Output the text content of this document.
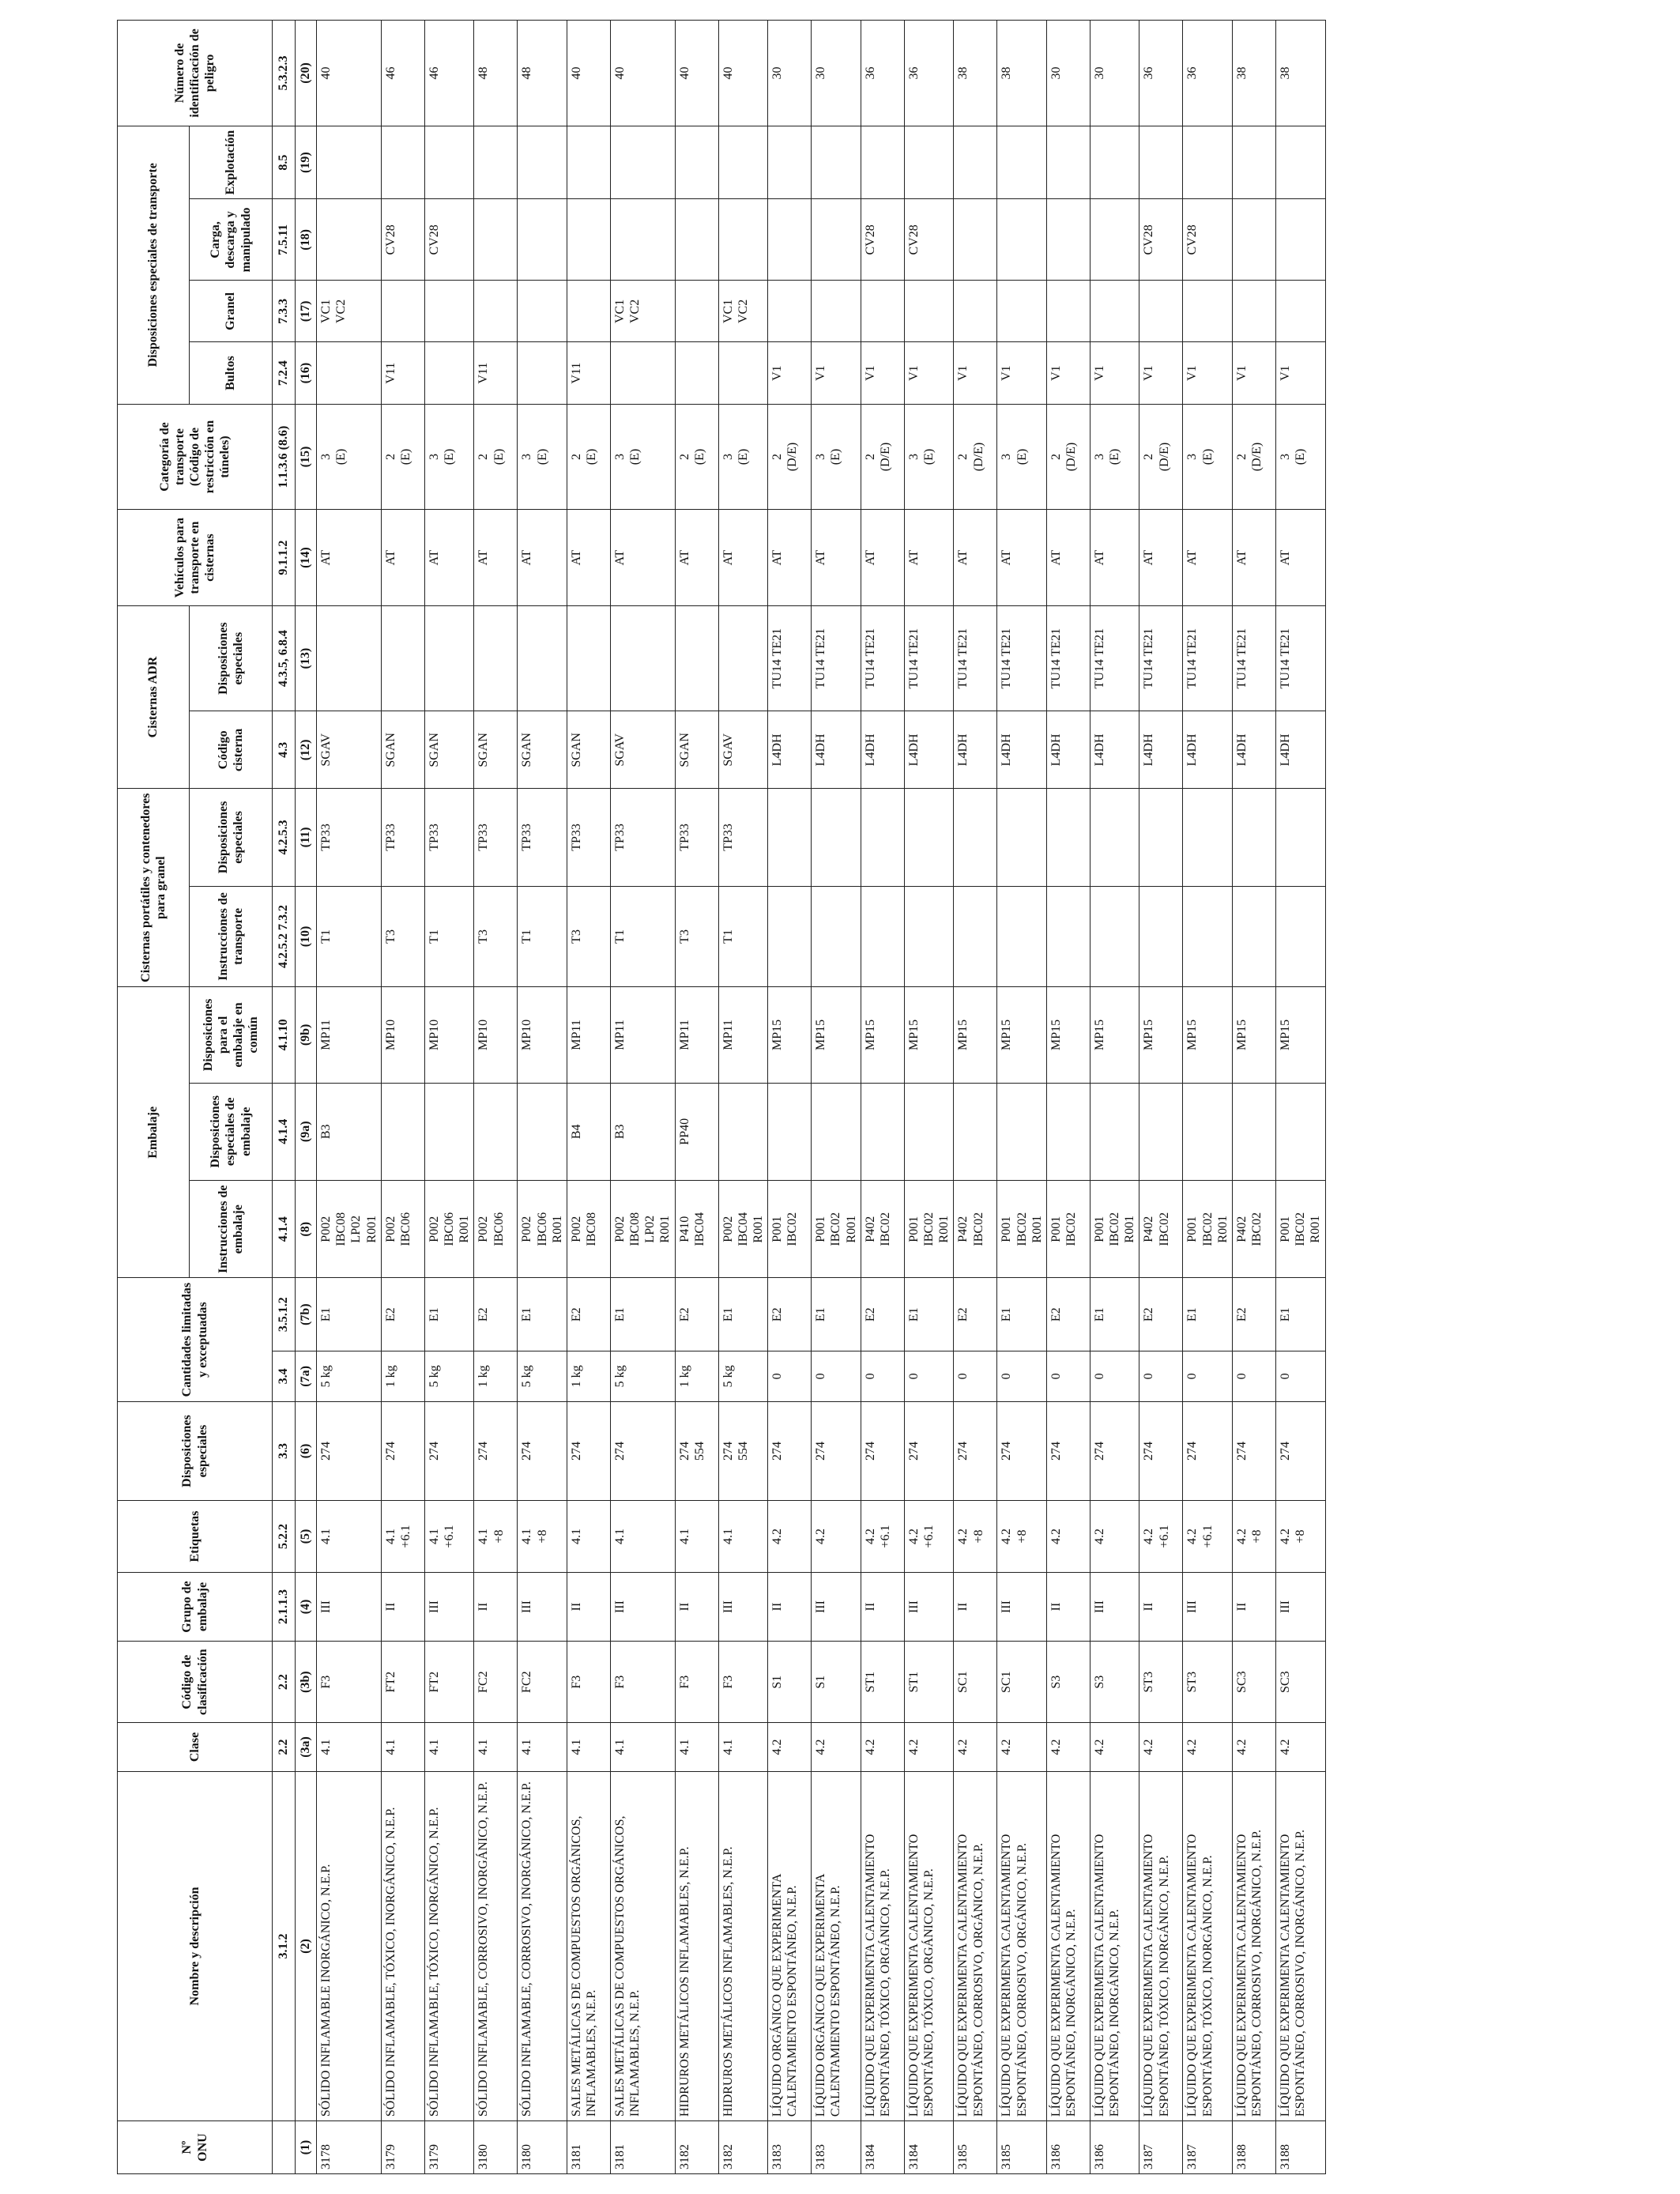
Nº ONU	Nombre y descripción	Clase	Código de clasificación	Grupo de embalaje	Etiquetas	Disposiciones especiales	Cantidades limitadas y exceptuadas		Embalaje			Cisternas portátiles y contenedores para granel		Cisternas ADR		Vehículos para transporte en cisternas	Categoría de transporte (Código de restricción en túneles)	Disposiciones especiales de transporte				Número de identificación de peligro
									Instrucciones de embalaje	Disposiciones especiales de embalaje	Disposiciones para el embalaje en común	Instrucciones de transporte	Disposiciones especiales	Código cisterna	Disposiciones especiales			Bultos	Granel	Carga, descarga y manipulado	Explotación	
	3.1.2	2.2	2.2	2.1.1.3	5.2.2	3.3	3.4	3.5.1.2	4.1.4	4.1.4	4.1.10	4.2.5.2 7.3.2	4.2.5.3	4.3	4.3.5, 6.8.4	9.1.1.2	1.1.3.6 (8.6)	7.2.4	7.3.3	7.5.11	8.5	5.3.2.3
(1)	(2)	(3a)	(3b)	(4)	(5)	(6)	(7a)	(7b)	(8)	(9a)	(9b)	(10)	(11)	(12)	(13)	(14)	(15)	(16)	(17)	(18)	(19)	(20)
3178	SÓLIDO INFLAMABLE INORGÁNICO, N.E.P.	4.1	F3	III	4.1	274	5 kg	E1	P002 IBC08 LP02 R001	B3	MP11	T1	TP33	SGAV		AT	3 (E)		VC1 VC2			40
3179	SÓLIDO INFLAMABLE, TÓXICO, INORGÁNICO, N.E.P.	4.1	FT2	II	4.1 +6.1	274	1 kg	E2	P002 IBC06		MP10	T3	TP33	SGAN		AT	2 (E)	V11		CV28		46
3179	SÓLIDO INFLAMABLE, TÓXICO, INORGÁNICO, N.E.P.	4.1	FT2	III	4.1 +6.1	274	5 kg	E1	P002 IBC06 R001		MP10	T1	TP33	SGAN		AT	3 (E)			CV28		46
3180	SÓLIDO INFLAMABLE, CORROSIVO, INORGÁNICO, N.E.P.	4.1	FC2	II	4.1 +8	274	1 kg	E2	P002 IBC06		MP10	T3	TP33	SGAN		AT	2 (E)	V11				48
3180	SÓLIDO INFLAMABLE, CORROSIVO, INORGÁNICO, N.E.P.	4.1	FC2	III	4.1 +8	274	5 kg	E1	P002 IBC06 R001		MP10	T1	TP33	SGAN		AT	3 (E)					48
3181	SALES METÁLICAS DE COMPUESTOS ORGÁNICOS, INFLAMABLES, N.E.P.	4.1	F3	II	4.1	274	1 kg	E2	P002 IBC08	B4	MP11	T3	TP33	SGAN		AT	2 (E)	V11				40
3181	SALES METÁLICAS DE COMPUESTOS ORGÁNICOS, INFLAMABLES, N.E.P.	4.1	F3	III	4.1	274	5 kg	E1	P002 IBC08 LP02 R001	B3	MP11	T1	TP33	SGAV		AT	3 (E)		VC1 VC2			40
3182	HIDRUROS METÁLICOS INFLAMABLES, N.E.P.	4.1	F3	II	4.1	274 554	1 kg	E2	P410 IBC04	PP40	MP11	T3	TP33	SGAN		AT	2 (E)					40
3182	HIDRUROS METÁLICOS INFLAMABLES, N.E.P.	4.1	F3	III	4.1	274 554	5 kg	E1	P002 IBC04 R001		MP11	T1	TP33	SGAV		AT	3 (E)		VC1 VC2			40
3183	LÍQUIDO ORGÁNICO QUE EXPERIMENTA CALENTAMIENTO ESPONTÁNEO, N.E.P.	4.2	S1	II	4.2	274	0	E2	P001 IBC02		MP15			L4DH	TU14 TE21	AT	2 (D/E)	V1				30
3183	LÍQUIDO ORGÁNICO QUE EXPERIMENTA CALENTAMIENTO ESPONTÁNEO, N.E.P.	4.2	S1	III	4.2	274	0	E1	P001 IBC02 R001		MP15			L4DH	TU14 TE21	AT	3 (E)	V1				30
3184	LÍQUIDO QUE EXPERIMENTA CALENTAMIENTO ESPONTÁNEO, TÓXICO, ORGÁNICO, N.E.P.	4.2	ST1	II	4.2 +6.1	274	0	E2	P402 IBC02		MP15			L4DH	TU14 TE21	AT	2 (D/E)	V1		CV28		36
3184	LÍQUIDO QUE EXPERIMENTA CALENTAMIENTO ESPONTÁNEO, TÓXICO, ORGÁNICO, N.E.P.	4.2	ST1	III	4.2 +6.1	274	0	E1	P001 IBC02 R001		MP15			L4DH	TU14 TE21	AT	3 (E)	V1		CV28		36
3185	LÍQUIDO QUE EXPERIMENTA CALENTAMIENTO ESPONTÁNEO, CORROSIVO, ORGÁNICO, N.E.P.	4.2	SC1	II	4.2 +8	274	0	E2	P402 IBC02		MP15			L4DH	TU14 TE21	AT	2 (D/E)	V1				38
3185	LÍQUIDO QUE EXPERIMENTA CALENTAMIENTO ESPONTÁNEO, CORROSIVO, ORGÁNICO, N.E.P.	4.2	SC1	III	4.2 +8	274	0	E1	P001 IBC02 R001		MP15			L4DH	TU14 TE21	AT	3 (E)	V1				38
3186	LÍQUIDO QUE EXPERIMENTA CALENTAMIENTO ESPONTÁNEO, INORGÁNICO, N.E.P.	4.2	S3	II	4.2	274	0	E2	P001 IBC02		MP15			L4DH	TU14 TE21	AT	2 (D/E)	V1				30
3186	LÍQUIDO QUE EXPERIMENTA CALENTAMIENTO ESPONTÁNEO, INORGÁNICO, N.E.P.	4.2	S3	III	4.2	274	0	E1	P001 IBC02 R001		MP15			L4DH	TU14 TE21	AT	3 (E)	V1				30
3187	LÍQUIDO QUE EXPERIMENTA CALENTAMIENTO ESPONTÁNEO, TÓXICO, INORGÁNICO, N.E.P.	4.2	ST3	II	4.2 +6.1	274	0	E2	P402 IBC02		MP15			L4DH	TU14 TE21	AT	2 (D/E)	V1		CV28		36
3187	LÍQUIDO QUE EXPERIMENTA CALENTAMIENTO ESPONTÁNEO, TÓXICO, INORGÁNICO, N.E.P.	4.2	ST3	III	4.2 +6.1	274	0	E1	P001 IBC02 R001		MP15			L4DH	TU14 TE21	AT	3 (E)	V1		CV28		36
3188	LÍQUIDO QUE EXPERIMENTA CALENTAMIENTO ESPONTÁNEO, CORROSIVO, INORGÁNICO, N.E.P.	4.2	SC3	II	4.2 +8	274	0	E2	P402 IBC02		MP15			L4DH	TU14 TE21	AT	2 (D/E)	V1				38
3188	LÍQUIDO QUE EXPERIMENTA CALENTAMIENTO ESPONTÁNEO, CORROSIVO, INORGÁNICO, N.E.P.	4.2	SC3	III	4.2 +8	274	0	E1	P001 IBC02 R001		MP15			L4DH	TU14 TE21	AT	3 (E)	V1				38
